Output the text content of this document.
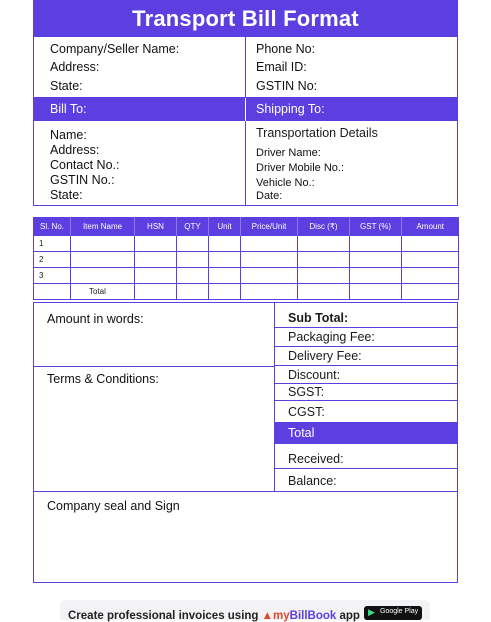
Transport Bill Format
Company/Seller Name:
Address:
State:
Phone No:
Email ID:
GSTIN No:
Bill To:	Shipping To:
Name:
Address:
Contact No.:
GSTIN No.:
State:
Transportation Details
Driver Name:
Driver Mobile No.:
Vehicle No.:
Date:
Sl. No.	Item Name	HSN	QTY	Unit	Price/Unit	Disc (₹)	GST (%)	Amount
1								
2								
3								
	Total							
Amount in words:
Terms & Conditions:
Sub Total:
Packaging Fee:
Delivery Fee:
Discount:
SGST:
CGST:
Total
Received:
Balance:
Company seal and Sign
Create professional invoices using ▲myBillBook app ▶ Google Play
